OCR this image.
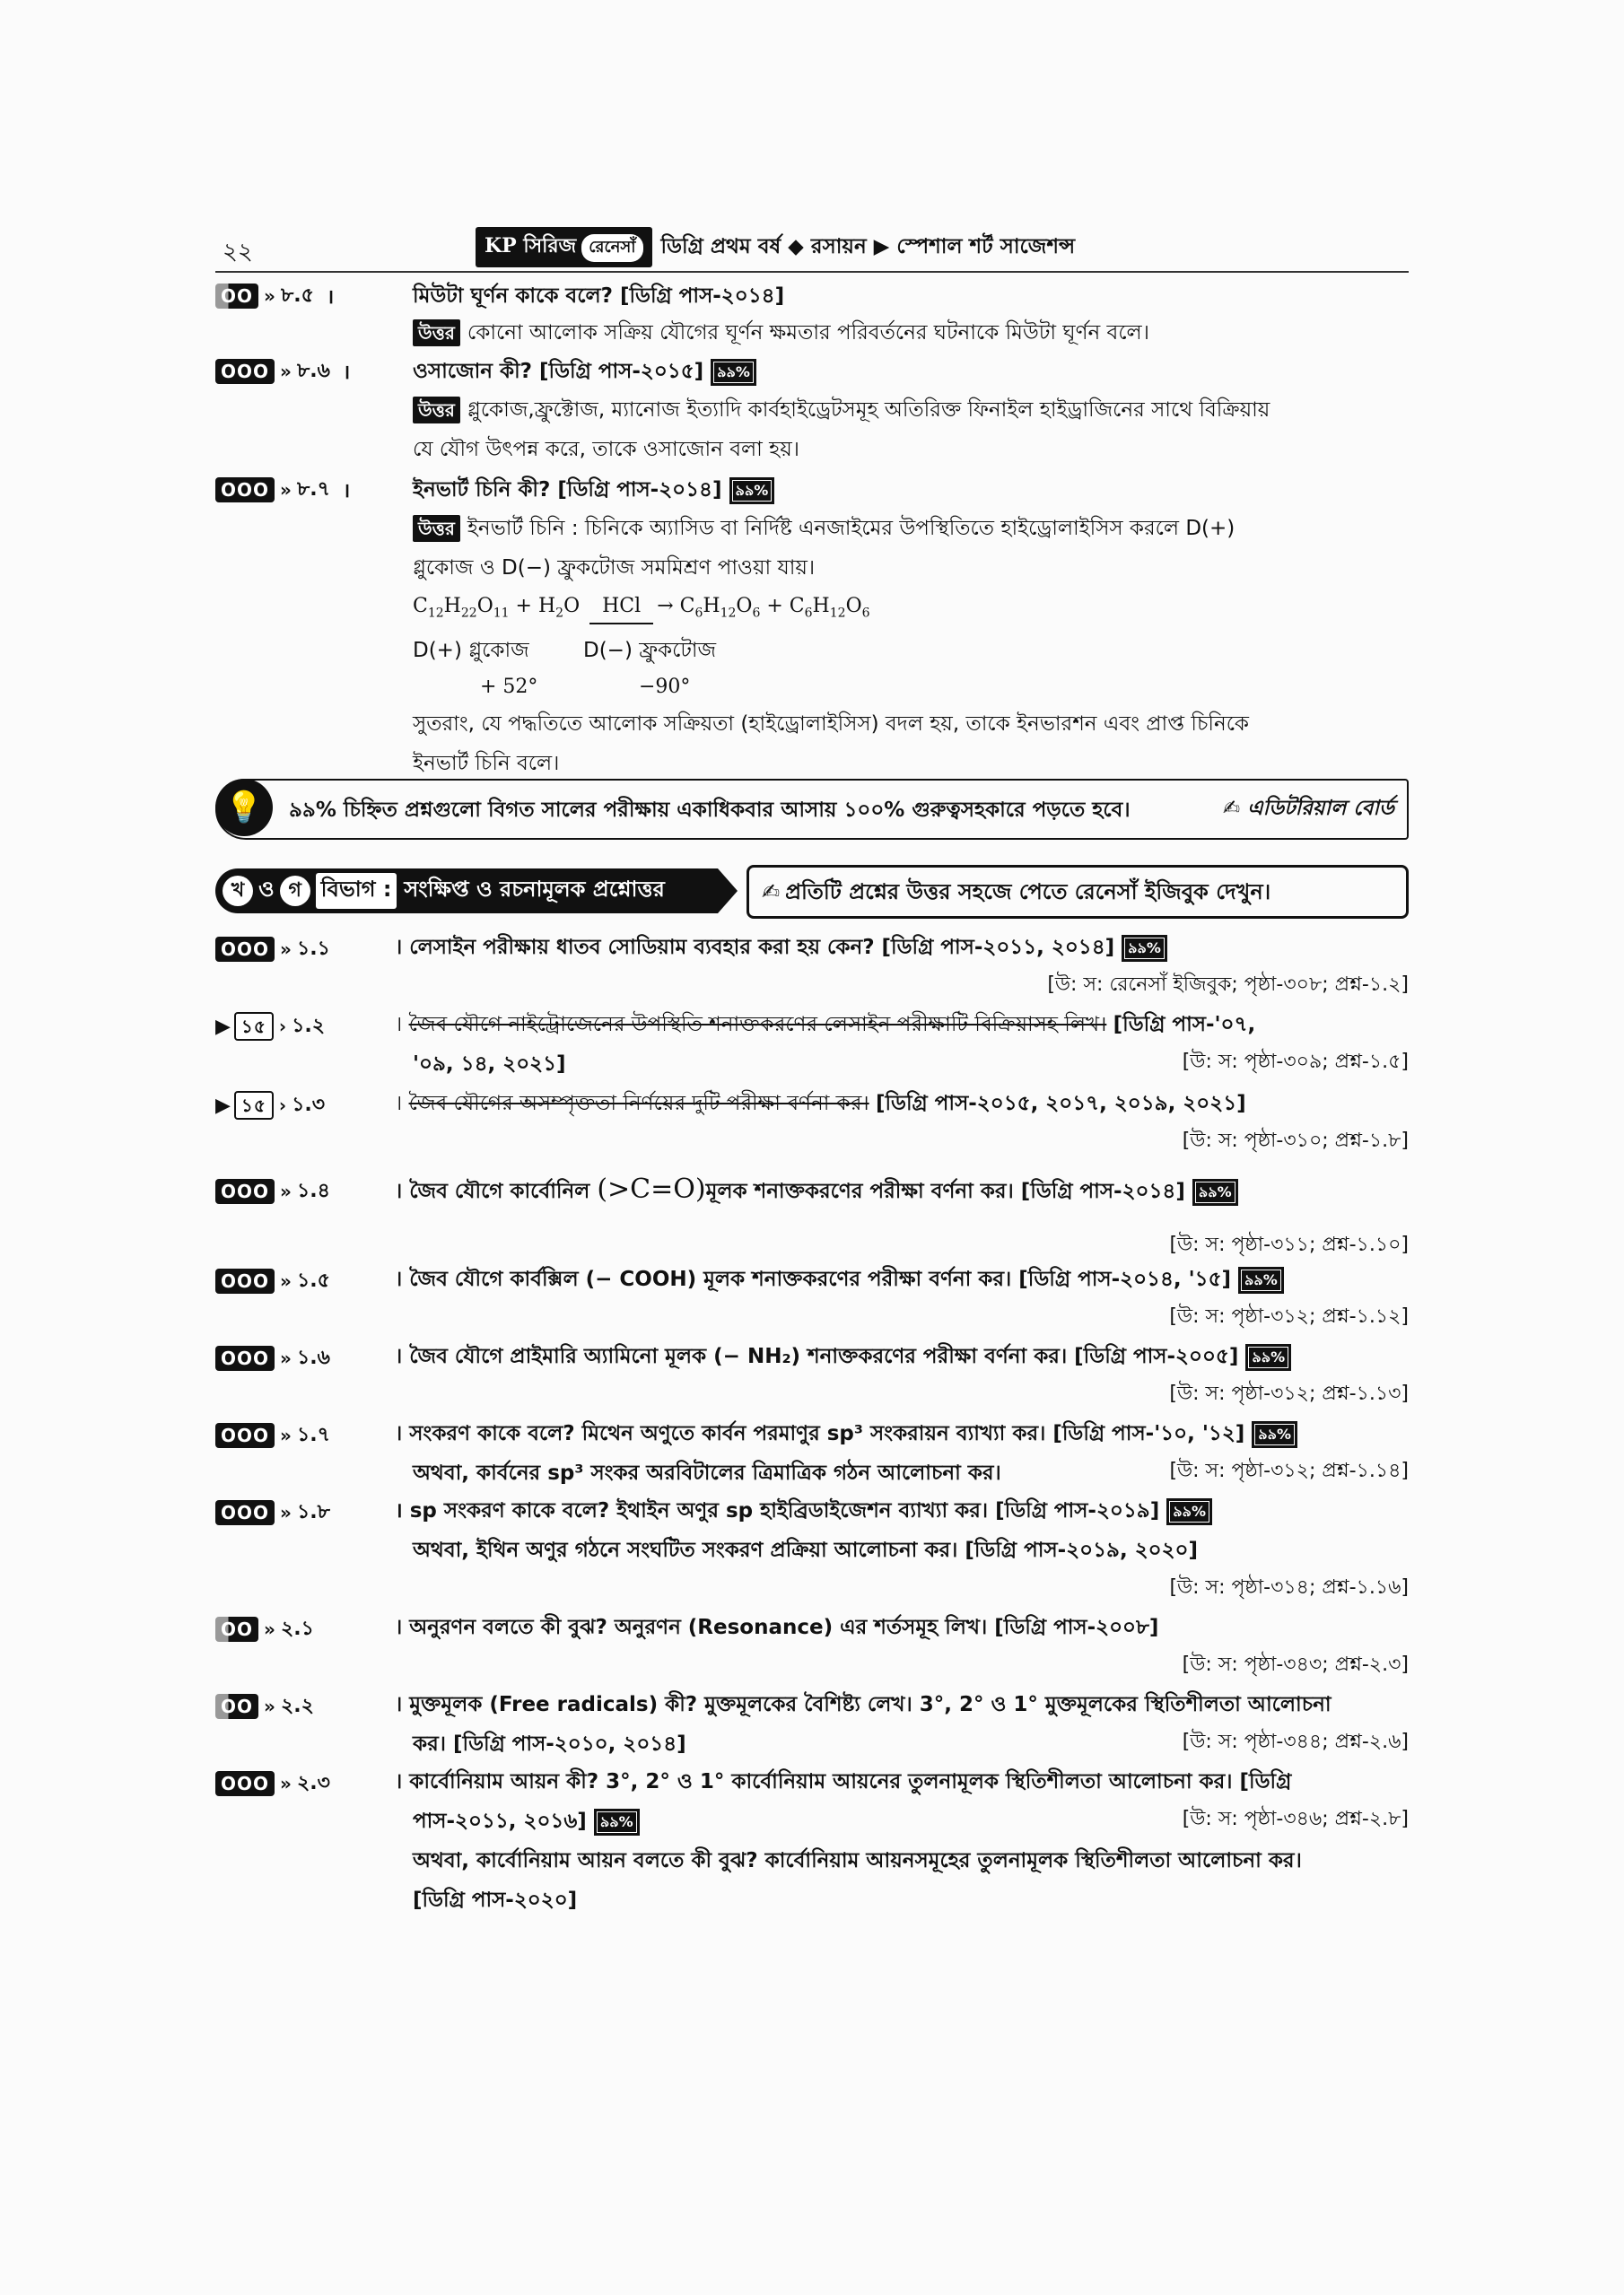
২২	KP সিরিজ রেনেসাঁ	ডিগ্রি প্রথম বর্ষ ◆ রসায়ন ▶ স্পেশাল শর্ট সাজেশন্স
OO » ৮.৫ ।	মিউটা ঘূর্ণন কাকে বলে? [ডিগ্রি পাস-২০১৪]
উত্তর কোনো আলোক সক্রিয় যৌগের ঘূর্ণন ক্ষমতার পরিবর্তনের ঘটনাকে মিউটা ঘূর্ণন বলে।
OOO » ৮.৬ ।	ওসাজোন কী? [ডিগ্রি পাস-২০১৫] ৯৯%
উত্তর গ্লুকোজ,ফ্রুক্টোজ, ম্যানোজ ইত্যাদি কার্বহাইড্রেটসমূহ অতিরিক্ত ফিনাইল হাইড্রাজিনের সাথে বিক্রিয়ায়
যে যৌগ উৎপন্ন করে, তাকে ওসাজোন বলা হয়।
OOO » ৮.৭ ।	ইনভার্ট চিনি কী? [ডিগ্রি পাস-২০১৪] ৯৯%
উত্তর ইনভার্ট চিনি : চিনিকে অ্যাসিড বা নির্দিষ্ট এনজাইমের উপস্থিতিতে হাইড্রোলাইসিস করলে D(+)
গ্লুকোজ ও D(−) ফ্রুকটোজ সমমিশ্রণ পাওয়া যায়।
$C_{12}H_{22}O_{11} + H_2O$ HCl → $C_6H_{12}O_6 + C_6H_{12}O_6$
D(+) গ্লুকোজ	D(−) ফ্রুকটোজ
+ 52°	−90°
সুতরাং, যে পদ্ধতিতে আলোক সক্রিয়তা (হাইড্রোলাইসিস) বদল হয়, তাকে ইনভারশন এবং প্রাপ্ত চিনিকে
ইনভার্ট চিনি বলে।
💡	৯৯% চিহ্নিত প্রশ্নগুলো বিগত সালের পরীক্ষায় একাধিকবার আসায় ১০০% গুরুত্বসহকারে পড়তে হবে।	✍ এডিটরিয়াল বোর্ড
খ ও গ বিভাগ : সংক্ষিপ্ত ও রচনামূলক প্রশ্নোত্তর	✍ প্রতিটি প্রশ্নের উত্তর সহজে পেতে রেনেসাঁ ইজিবুক দেখুন।
OOO » ১.১	। লেসাইন পরীক্ষায় ধাতব সোডিয়াম ব্যবহার করা হয় কেন? [ডিগ্রি পাস-২০১১, ২০১৪] ৯৯%
[উ: স: রেনেসাঁ ইজিবুক; পৃষ্ঠা-৩০৮; প্রশ্ন-১.২]
▶ ১৫ › ১.২	। জৈব যৌগে নাইট্রোজেনের উপস্থিতি শনাক্তকরণের লেসাইন পরীক্ষাটি বিক্রিয়াসহ লিখ। [ডিগ্রি পাস-'০৭,
'০৯, ১৪, ২০২১]	[উ: স: পৃষ্ঠা-৩০৯; প্রশ্ন-১.৫]
▶ ১৫ › ১.৩	। জৈব যৌগের অসম্পৃক্ততা নির্ণয়ের দুটি পরীক্ষা বর্ণনা কর। [ডিগ্রি পাস-২০১৫, ২০১৭, ২০১৯, ২০২১]
[উ: স: পৃষ্ঠা-৩১০; প্রশ্ন-১.৮]
OOO » ১.৪	। জৈব যৌগে কার্বোনিল (>C=O)মূলক শনাক্তকরণের পরীক্ষা বর্ণনা কর। [ডিগ্রি পাস-২০১৪] ৯৯%
[উ: স: পৃষ্ঠা-৩১১; প্রশ্ন-১.১০]
OOO » ১.৫	। জৈব যৌগে কার্বক্সিল (− COOH) মূলক শনাক্তকরণের পরীক্ষা বর্ণনা কর। [ডিগ্রি পাস-২০১৪, '১৫] ৯৯%
[উ: স: পৃষ্ঠা-৩১২; প্রশ্ন-১.১২]
OOO » ১.৬	। জৈব যৌগে প্রাইমারি অ্যামিনো মূলক (− NH₂) শনাক্তকরণের পরীক্ষা বর্ণনা কর। [ডিগ্রি পাস-২০০৫] ৯৯%
[উ: স: পৃষ্ঠা-৩১২; প্রশ্ন-১.১৩]
OOO » ১.৭	। সংকরণ কাকে বলে? মিথেন অণুতে কার্বন পরমাণুর sp³ সংকরায়ন ব্যাখ্যা কর। [ডিগ্রি পাস-'১০, '১২] ৯৯%
অথবা, কার্বনের sp³ সংকর অরবিটালের ত্রিমাত্রিক গঠন আলোচনা কর।	[উ: স: পৃষ্ঠা-৩১২; প্রশ্ন-১.১৪]
OOO » ১.৮	। sp সংকরণ কাকে বলে? ইথাইন অণুর sp হাইব্রিডাইজেশন ব্যাখ্যা কর। [ডিগ্রি পাস-২০১৯] ৯৯%
অথবা, ইথিন অণুর গঠনে সংঘটিত সংকরণ প্রক্রিয়া আলোচনা কর। [ডিগ্রি পাস-২০১৯, ২০২০]
[উ: স: পৃষ্ঠা-৩১৪; প্রশ্ন-১.১৬]
OO » ২.১	। অনুরণন বলতে কী বুঝ? অনুরণন (Resonance) এর শর্তসমূহ লিখ। [ডিগ্রি পাস-২০০৮]
[উ: স: পৃষ্ঠা-৩৪৩; প্রশ্ন-২.৩]
OO » ২.২	। মুক্তমূলক (Free radicals) কী? মুক্তমূলকের বৈশিষ্ট্য লেখ। 3°, 2° ও 1° মুক্তমূলকের স্থিতিশীলতা আলোচনা
কর। [ডিগ্রি পাস-২০১০, ২০১৪]	[উ: স: পৃষ্ঠা-৩৪৪; প্রশ্ন-২.৬]
OOO » ২.৩	। কার্বোনিয়াম আয়ন কী? 3°, 2° ও 1° কার্বোনিয়াম আয়নের তুলনামূলক স্থিতিশীলতা আলোচনা কর। [ডিগ্রি
পাস-২০১১, ২০১৬] ৯৯%	[উ: স: পৃষ্ঠা-৩৪৬; প্রশ্ন-২.৮]
অথবা, কার্বোনিয়াম আয়ন বলতে কী বুঝ? কার্বোনিয়াম আয়নসমূহের তুলনামূলক স্থিতিশীলতা আলোচনা কর।
[ডিগ্রি পাস-২০২০]
